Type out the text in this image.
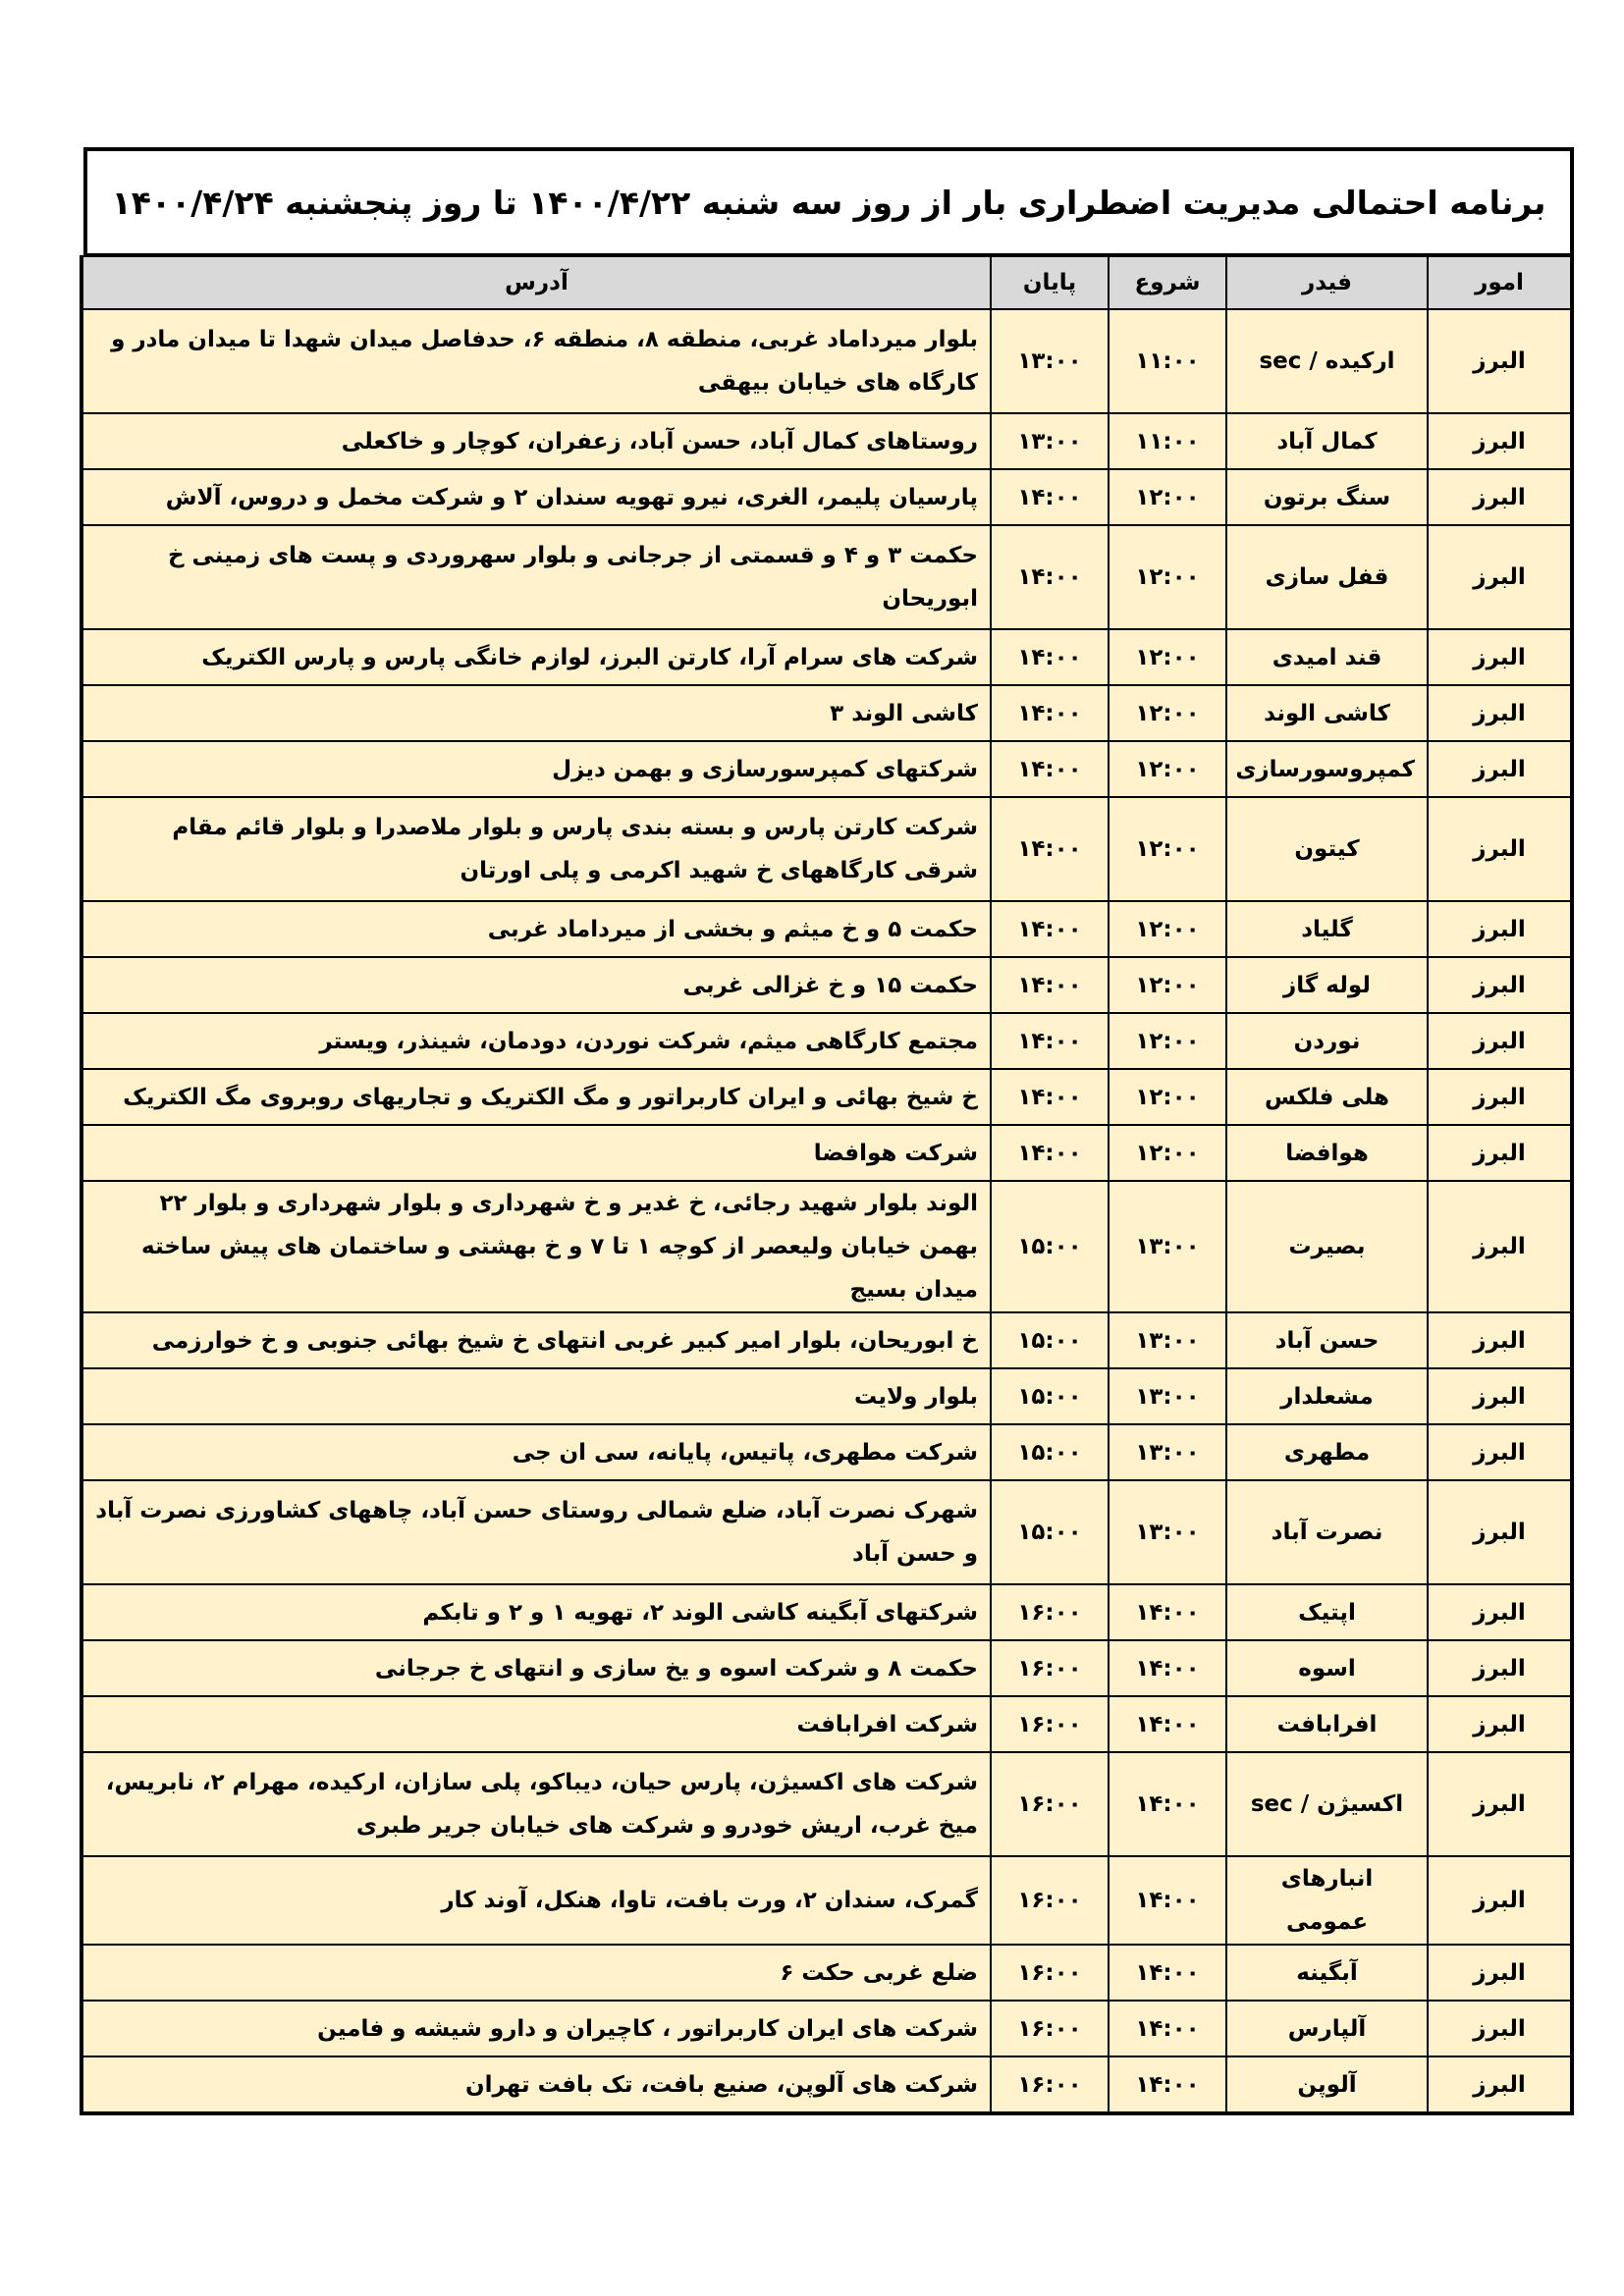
برنامه احتمالی مدیریت اضطراری بار از روز سه شنبه ۱۴۰۰/۴/۲۲ تا روز پنجشنبه ۱۴۰۰/۴/۲۴
امور	فیدر	شروع	پایان	آدرس
البرز	ارکیده / sec	۱۱:۰۰	۱۳:۰۰	بلوار میرداماد غربی، منطقه ۸، منطقه ۶، حدفاصل میدان شهدا تا میدان مادر و کارگاه های خیابان بیهقی
البرز	کمال آباد	۱۱:۰۰	۱۳:۰۰	روستاهای کمال آباد، حسن آباد، زعفران، کوچار و خاکعلی
البرز	سنگ برتون	۱۲:۰۰	۱۴:۰۰	پارسیان پلیمر، الغری، نیرو تهویه سندان ۲ و شرکت مخمل و دروس، آلاش
البرز	قفل سازی	۱۲:۰۰	۱۴:۰۰	حکمت ۳ و ۴ و قسمتی از جرجانی و بلوار سهروردی و پست های زمینی خ ابوریحان
البرز	قند امیدی	۱۲:۰۰	۱۴:۰۰	شرکت های سرام آرا، کارتن البرز، لوازم خانگی پارس و پارس الکتریک
البرز	کاشی الوند	۱۲:۰۰	۱۴:۰۰	کاشی الوند ۳
البرز	کمپروسورسازی	۱۲:۰۰	۱۴:۰۰	شرکتهای کمپرسورسازی و بهمن دیزل
البرز	کیتون	۱۲:۰۰	۱۴:۰۰	شرکت کارتن پارس و بسته بندی پارس و بلوار ملاصدرا و بلوار قائم مقام شرقی کارگاههای خ شهید اکرمی و پلی اورتان
البرز	گلیاد	۱۲:۰۰	۱۴:۰۰	حکمت ۵ و خ میثم و بخشی از میرداماد غربی
البرز	لوله گاز	۱۲:۰۰	۱۴:۰۰	حکمت ۱۵ و خ غزالی غربی
البرز	نوردن	۱۲:۰۰	۱۴:۰۰	مجتمع کارگاهی میثم، شرکت نوردن، دودمان، شینذر، ویستر
البرز	هلی فلکس	۱۲:۰۰	۱۴:۰۰	خ شیخ بهائی و ایران کاربراتور و مگ الکتریک و تجاریهای روبروی مگ الکتریک
البرز	هوافضا	۱۲:۰۰	۱۴:۰۰	شرکت هوافضا
البرز	بصیرت	۱۳:۰۰	۱۵:۰۰	الوند بلوار شهید رجائی، خ غدیر و خ شهرداری و بلوار شهرداری و بلوار ۲۲ بهمن خیابان ولیعصر از کوچه ۱ تا ۷ و خ بهشتی و ساختمان های پیش ساخته میدان بسیج
البرز	حسن آباد	۱۳:۰۰	۱۵:۰۰	خ ابوریحان، بلوار امیر کبیر غربی انتهای خ شیخ بهائی جنوبی و خ خوارزمی
البرز	مشعلدار	۱۳:۰۰	۱۵:۰۰	بلوار ولایت
البرز	مطهری	۱۳:۰۰	۱۵:۰۰	شرکت مطهری، پاتیس، پایانه، سی ان جی
البرز	نصرت آباد	۱۳:۰۰	۱۵:۰۰	شهرک نصرت آباد، ضلع شمالی روستای حسن آباد، چاههای کشاورزی نصرت آباد و حسن آباد
البرز	اپتیک	۱۴:۰۰	۱۶:۰۰	شرکتهای آبگینه کاشی الوند ۲، تهویه ۱ و ۲ و تابکم
البرز	اسوه	۱۴:۰۰	۱۶:۰۰	حکمت ۸ و شرکت اسوه و یخ سازی و انتهای خ جرجانی
البرز	افرابافت	۱۴:۰۰	۱۶:۰۰	شرکت افرابافت
البرز	اکسیژن / sec	۱۴:۰۰	۱۶:۰۰	شرکت های اکسیژن، پارس حیان، دیباکو، پلی سازان، ارکیده، مهرام ۲، نابریس، میخ غرب، اریش خودرو و شرکت های خیابان جریر طبری
البرز	انبارهای عمومی	۱۴:۰۰	۱۶:۰۰	گمرک، سندان ۲، ورت بافت، تاوا، هنکل، آوند کار
البرز	آبگینه	۱۴:۰۰	۱۶:۰۰	ضلع غربی حکت ۶
البرز	آلپارس	۱۴:۰۰	۱۶:۰۰	شرکت های ایران کاربراتور ، کاچیران و دارو شیشه و فامین
البرز	آلوپن	۱۴:۰۰	۱۶:۰۰	شرکت های آلوپن، صنیع بافت، تک بافت تهران
